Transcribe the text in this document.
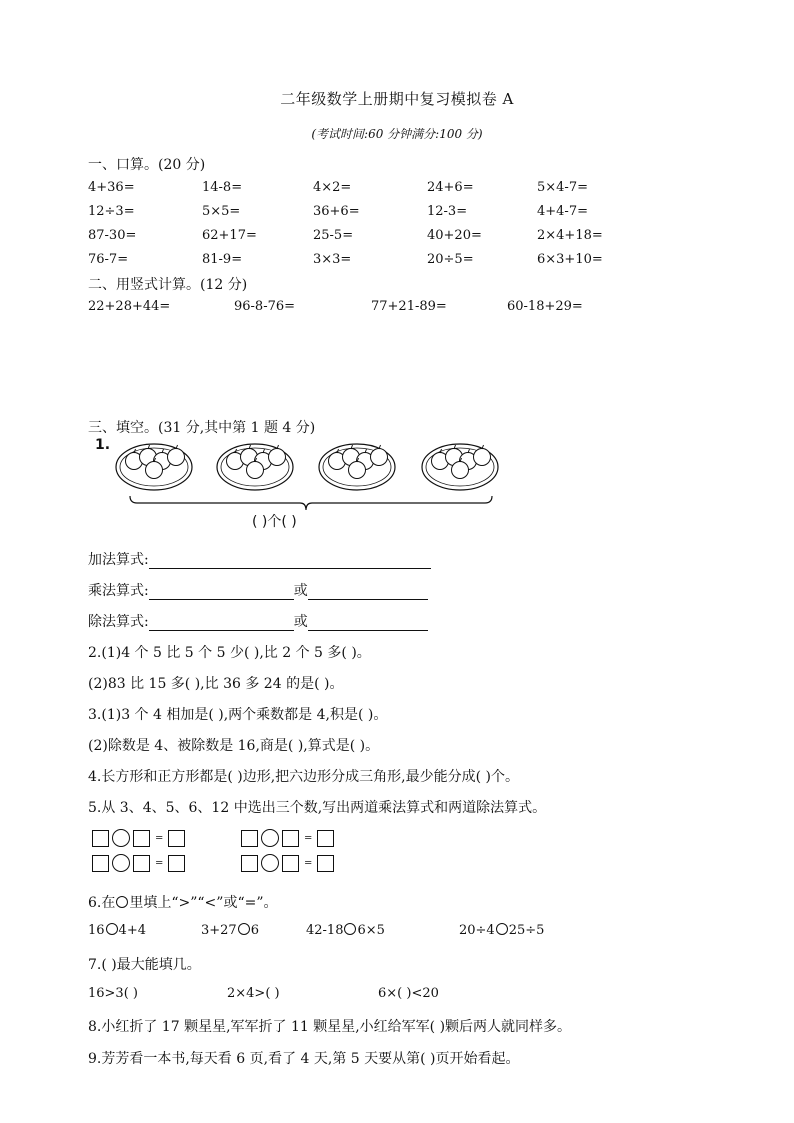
二年级数学上册期中复习模拟卷 A
(考试时间:60 分钟满分:100 分)
一、口算。(20 分)
4+36=	14-8=	4×2=	24+6=	5×4-7=
12÷3=	5×5=	36+6=	12-3=	4+4-7=
87-30=	62+17=	25-5=	40+20=	2×4+18=
76-7=	81-9=	3×3=	20÷5=	6×3+10=
二、用竖式计算。(12 分)
22+28+44=	96-8-76=	77+21-89=	60-18+29=
三、填空。(31 分,其中第 1 题 4 分)
1.
( )个( )
加法算式:
乘法算式:	或
除法算式:	或
2.(1)4 个 5 比 5 个 5 少( ),比 2 个 5 多( )。
(2)83 比 15 多( ),比 36 多 24 的是( )。
3.(1)3 个 4 相加是( ),两个乘数都是 4,积是( )。
(2)除数是 4、被除数是 16,商是( ),算式是( )。
4.长方形和正方形都是( )边形,把六边形分成三角形,最少能分成( )个。
5.从 3、4、5、6、12 中选出三个数,写出两道乘法算式和两道除法算式。
=	=
=	=
6.在 里填上“>”“<”或“=”。
16 4+4	3+27 6	42-18 6×5	20÷4 25÷5
7.( )最大能填几。
16>3( )	2×4>( )	6×( )<20
8.小红折了 17 颗星星,军军折了 11 颗星星,小红给军军( )颗后两人就同样多。
9.芳芳看一本书,每天看 6 页,看了 4 天,第 5 天要从第( )页开始看起。
